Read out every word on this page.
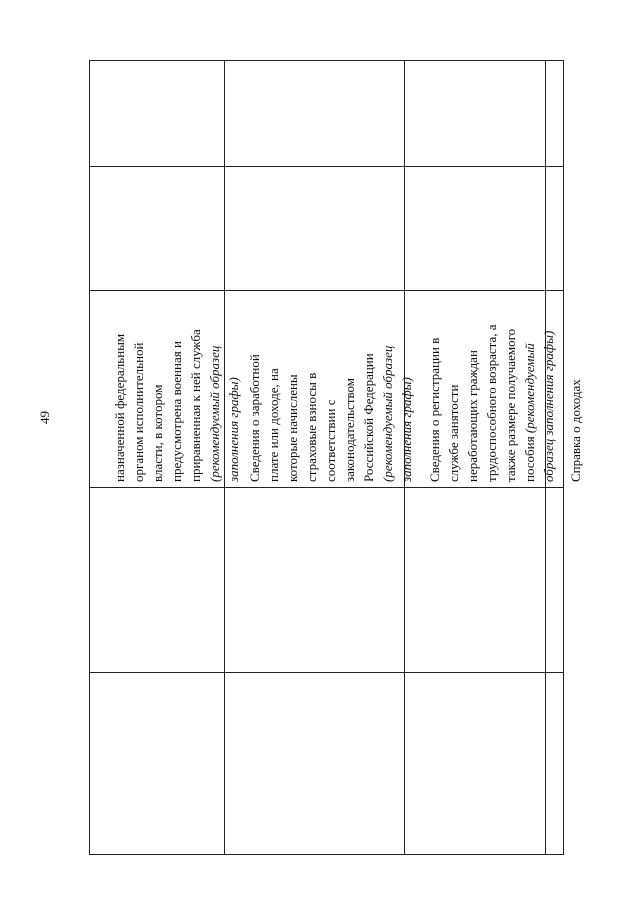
49	назначенной федеральным
органом исполнительной
власти, в котором
предусмотрена военная и
приравненная к ней служба
(рекомендуемый образец
заполнения графы)

Сведения о заработной
плате или доходе, на
которые начислены
страховые взносы в
соответствии с
законодательством
Российской Федерации
(рекомендуемый образец
заполнения графы)

Сведения о регистрации в
службе занятости
неработающих граждан
трудоспособного возраста, а
также размере получаемого
пособия (рекомендуемый
образец заполнения графы)

Справка о доходах
